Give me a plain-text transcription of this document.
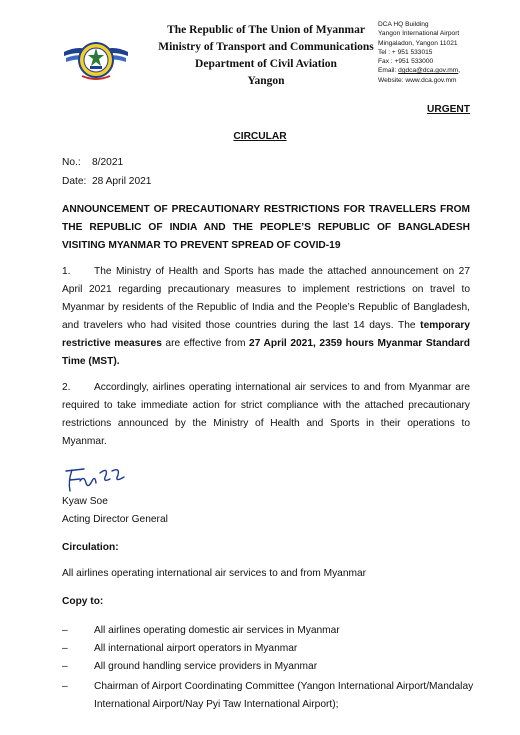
The Republic of The Union of Myanmar
Ministry of Transport and Communications
Department of Civil Aviation
Yangon
DCA HQ Building
Yangon International Airport
Mingaladon, Yangon 11021
Tel : + 951 533015
Fax : +951 533000
Email: dgdca@dca.gov.mm,
Website: www.dca.gov.mm
URGENT
CIRCULAR
No.: 8/2021
Date: 28 April 2021
ANNOUNCEMENT OF PRECAUTIONARY RESTRICTIONS FOR TRAVELLERS FROM THE REPUBLIC OF INDIA AND THE PEOPLE’S REPUBLIC OF BANGLADESH VISITING MYANMAR TO PREVENT SPREAD OF COVID-19
1. The Ministry of Health and Sports has made the attached announcement on 27 April 2021 regarding precautionary measures to implement restrictions on travel to Myanmar by residents of the Republic of India and the People’s Republic of Bangladesh, and travelers who had visited those countries during the last 14 days. The temporary restrictive measures are effective from 27 April 2021, 2359 hours Myanmar Standard Time (MST).
2. Accordingly, airlines operating international air services to and from Myanmar are required to take immediate action for strict compliance with the attached precautionary restrictions announced by the Ministry of Health and Sports in their operations to Myanmar.
Kyaw Soe
Acting Director General
Circulation:
All airlines operating international air services to and from Myanmar
Copy to:
–	All airlines operating domestic air services in Myanmar
–	All international airport operators in Myanmar
–	All ground handling service providers in Myanmar
–	Chairman of Airport Coordinating Committee (Yangon International Airport/Mandalay International Airport/Nay Pyi Taw International Airport);
